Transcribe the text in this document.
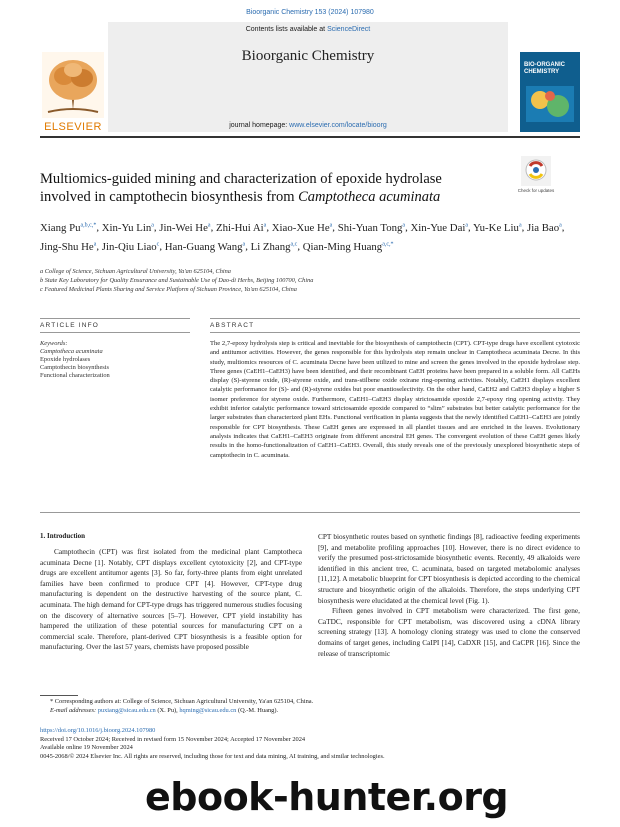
Bioorganic Chemistry 153 (2024) 107980
ELSEVIER
Contents lists available at ScienceDirect
Bioorganic Chemistry
journal homepage: www.elsevier.com/locate/bioorg
BIO-ORGANIC CHEMISTRY
Multiomics-guided mining and characterization of epoxide hydrolase
involved in camptothecin biosynthesis from Camptotheca acuminata	Check for updates
Xiang Pu$^{a,b,c,*}$, Xin-Yu Lin$^a$, Jin-Wei He$^a$, Zhi-Hui Ai$^a$, Xiao-Xue He$^a$, Shi-Yuan Tong$^a$, Xin-Yue Dai$^a$, Yu-Ke Liu$^a$, Jia Bao$^a$, Jing-Shu He$^a$, Jin-Qiu Liao$^c$, Han-Guang Wang$^a$, Li Zhang$^{a,c}$, Qian-Ming Huang$^{a,c,*}$
a College of Science, Sichuan Agricultural University, Ya'an 625104, China
b State Key Laboratory for Quality Ensurance and Sustainable Use of Dao-di Herbs, Beijing 100700, China
c Featured Medicinal Plants Sharing and Service Platform of Sichuan Province, Ya'an 625104, China
ARTICLE INFO	ABSTRACT
Keywords:
Camptotheca acuminata
Epoxide hydrolases
Camptothecin biosynthesis
Functional characterization
The 2,7-epoxy hydrolysis step is critical and inevitable for the biosynthesis of camptothecin (CPT). CPT-type drugs have excellent cytotoxic and antitumor activities. However, the genes responsible for this hydrolysis step remain unclear in Camptotheca acuminata Decne. In this study, multiomics resources of C. acuminata Decne have been utilized to mine and screen the genes involved in the epoxide hydrolase step. Three genes (CaEH1–CaEH3) have been identified, and their recombinant CaEH proteins have been prepared in a soluble form. All CaEHs display (S)-styrene oxide, (R)-styrene oxide, and trans-stilbene oxide oxirane ring-opening activities. Notably, CaEH1 displays excellent catalytic performance for (S)- and (R)-styrene oxides but poor enantioselectivity. On the other hand, CaEH2 and CaEH3 display a higher S isomer preference for styrene oxide. Furthermore, CaEH1–CaEH3 display strictosamide epoxide 2,7-epoxy ring opening activity. They exhibit inferior catalytic performance toward strictosamide epoxide compared to “slim” substrates but better catalytic performance for the larger substrates than characterized plant EHs. Functional verification in planta suggests that the newly identified CaEH1–CaEH3 are jointly responsible for CPT biosynthesis. These CaEH genes are expressed in all plantlet tissues and are enriched in the leaves. Evolutionary analysis indicates that CaEH1–CaEH3 originate from different ancestral EH genes. The convergent evolution of these CaEH genes likely results in the homo-functionalization of CaEH1–CaEH3. Overall, this study reveals one of the previously unexplored biosynthetic steps of camptothecin in C. acuminata.
1. Introduction

Camptothecin (CPT) was first isolated from the medicinal plant Camptotheca acuminata Decne [1]. Notably, CPT displays excellent cytotoxicity [2], and CPT-type drugs are excellent antitumor agents [3]. So far, forty-three plants from eight unrelated families have been confirmed to produce CPT [4]. However, CPT-type drug manufacturing is dependent on the destructive harvesting of the source plant, C. acuminata. The high demand for CPT-type drugs has triggered numerous studies focusing on the discovery of alternative sources [5–7]. However, CPT yield instability has hampered the utilization of these potential sources for manufacturing CPT on a commercial scale. Therefore, plant-derived CPT biosynthesis is a feasible option for manufacturing. Over the last 57 years, chemists have proposed possible

CPT biosynthetic routes based on synthetic findings [8], radioactive feeding experiments [9], and metabolite profiling approaches [10]. However, there is no direct evidence to verify the presumed post-strictosamide biosynthetic events. Recently, 49 alkaloids were identified in this ancient tree, C. acuminata, based on targeted metabolomic analyses [11,12]. A metabolic blueprint for CPT biosynthesis is depicted according to the chemical structure and biosynthetic origin of the alkaloids. Therefore, the steps underlying CPT biosynthesis were elucidated at the chemical level (Fig. 1).

Fifteen genes involved in CPT metabolism were characterized. The first gene, CaTDC, responsible for CPT metabolism, was discovered using a cDNA library screening strategy [13]. A homology cloning strategy was used to clone the conserved domains of target genes, including CaIPI [14], CaDXR [15], and CaCPR [16]. Since the release of transcriptomic

* Corresponding authors at: College of Science, Sichuan Agricultural University, Ya'an 625104, China.
E-mail addresses: puxiang@sicau.edu.cn (X. Pu), hqming@sicau.edu.cn (Q.-M. Huang).
https://doi.org/10.1016/j.bioorg.2024.107980
Received 17 October 2024; Received in revised form 15 November 2024; Accepted 17 November 2024
Available online 19 November 2024
0045-2068/© 2024 Elsevier Inc. All rights are reserved, including those for text and data mining, AI training, and similar technologies.
ebook-hunter.org
